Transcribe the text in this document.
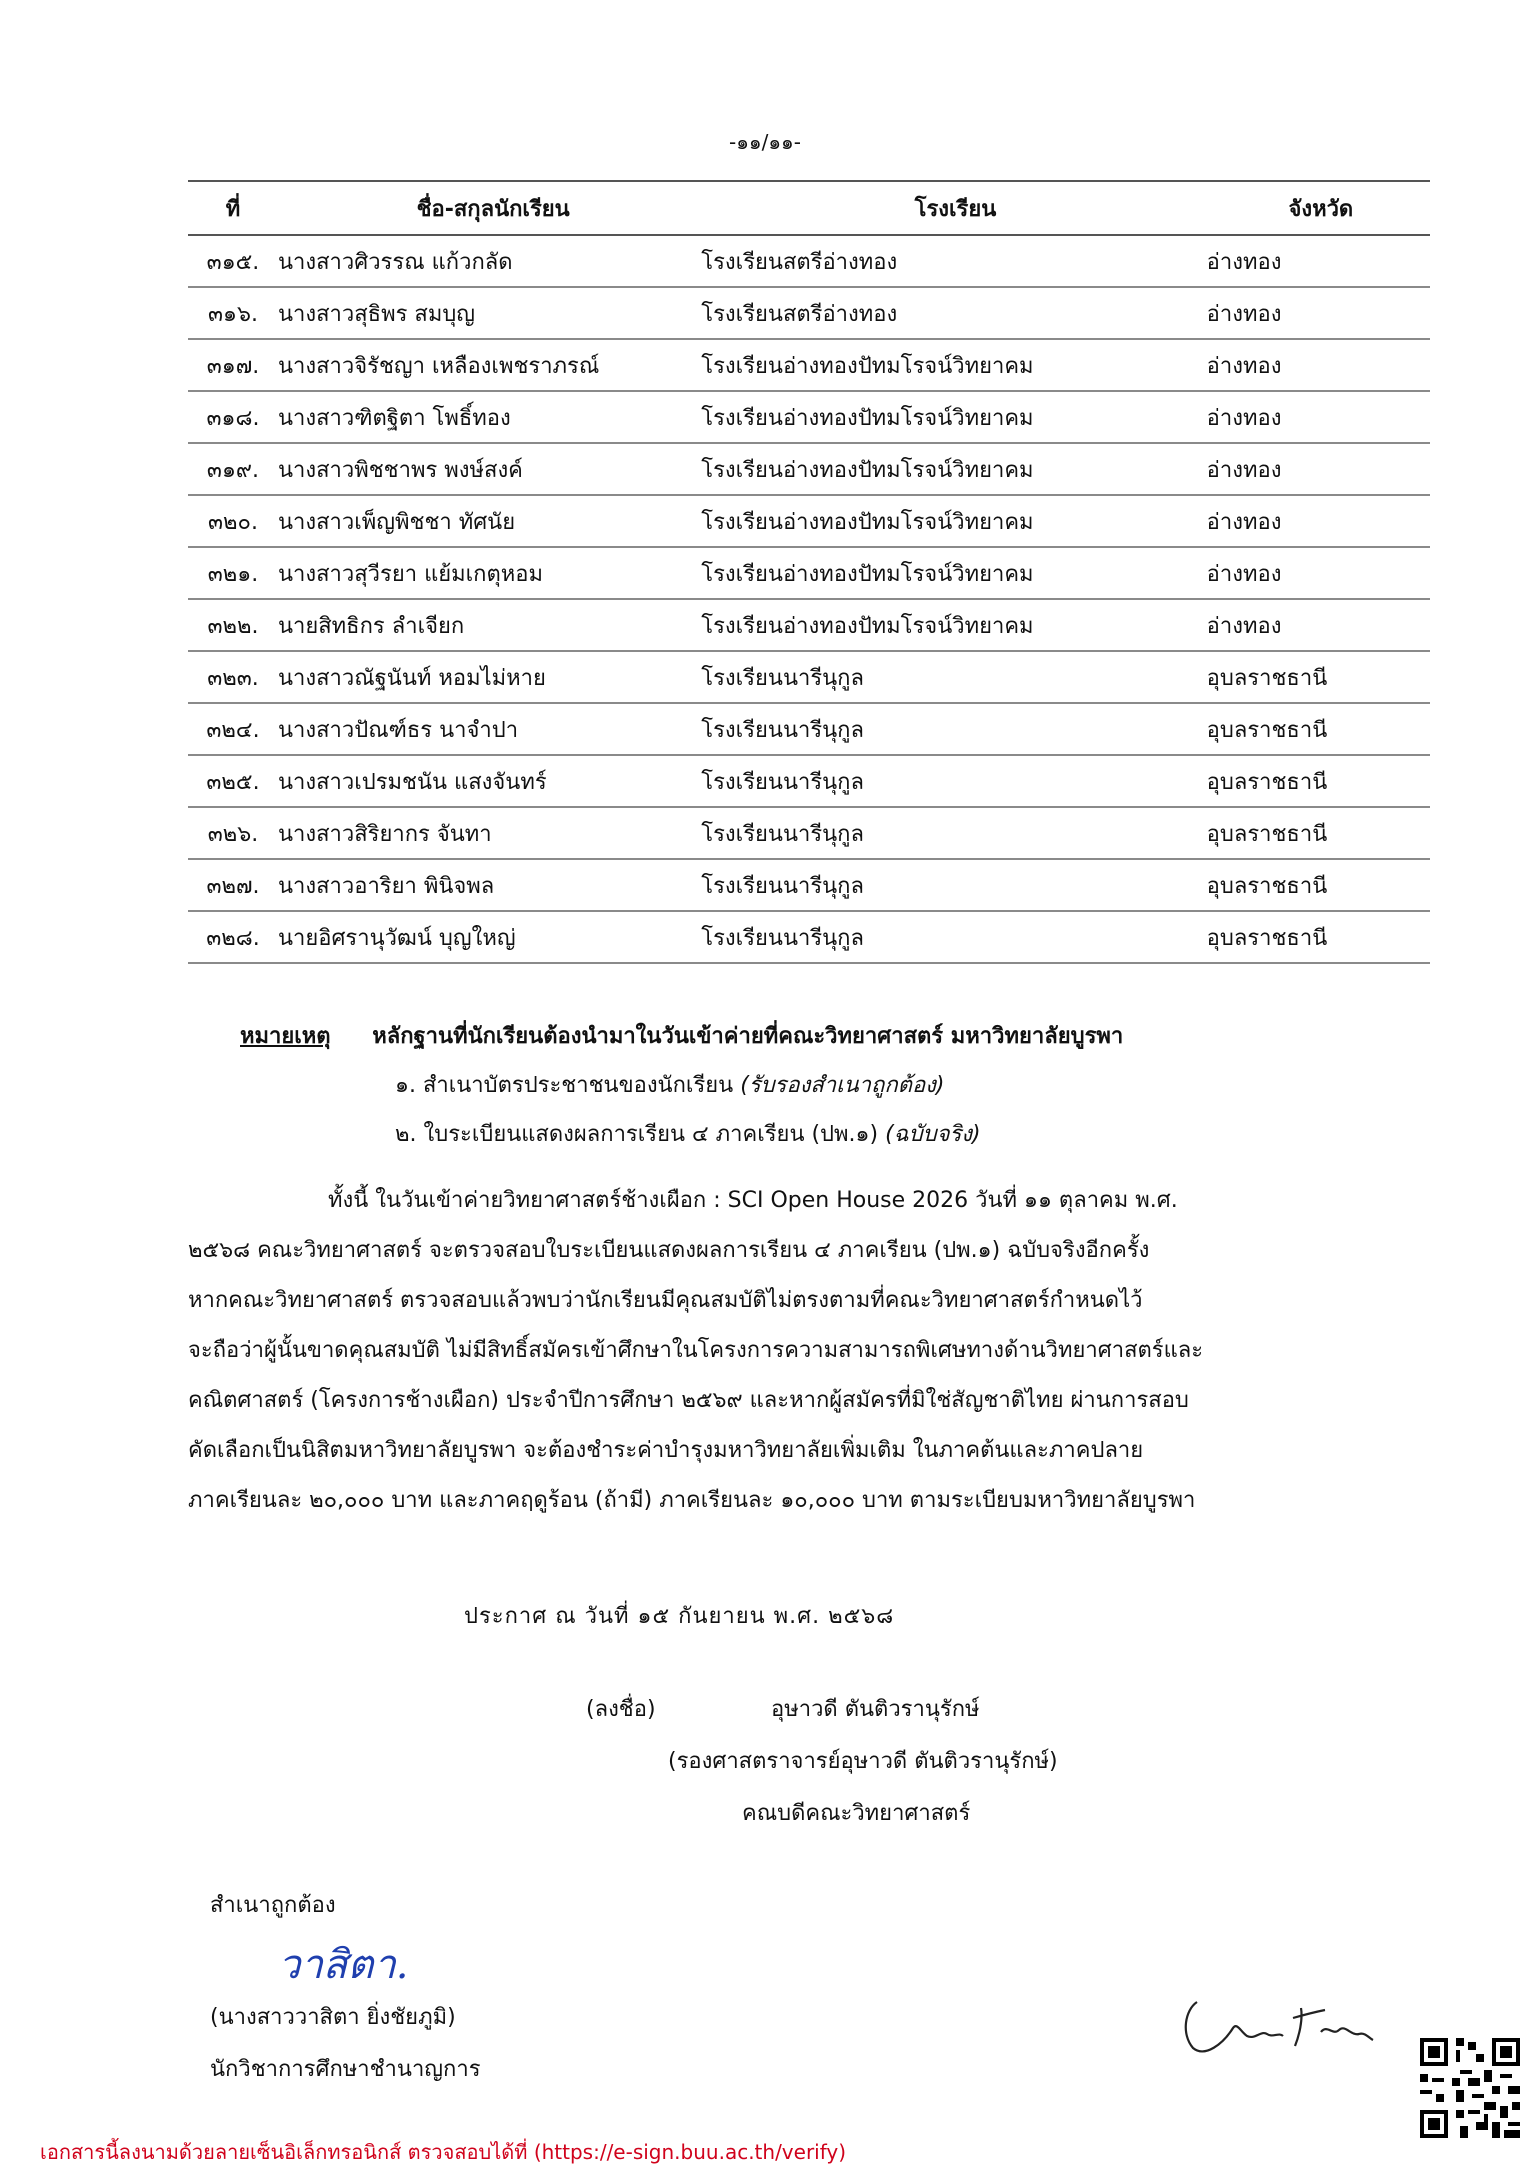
-๑๑/๑๑-
ที่	ชื่อ-สกุลนักเรียน	โรงเรียน	จังหวัด
๓๑๕.	นางสาวศิวรรณ แก้วกลัด	โรงเรียนสตรีอ่างทอง	อ่างทอง
๓๑๖.	นางสาวสุธิพร สมบุญ	โรงเรียนสตรีอ่างทอง	อ่างทอง
๓๑๗.	นางสาวจิรัชญา เหลืองเพชราภรณ์	โรงเรียนอ่างทองปัทมโรจน์วิทยาคม	อ่างทอง
๓๑๘.	นางสาวฑิตฐิตา โพธิ์ทอง	โรงเรียนอ่างทองปัทมโรจน์วิทยาคม	อ่างทอง
๓๑๙.	นางสาวพิชชาพร พงษ์สงค์	โรงเรียนอ่างทองปัทมโรจน์วิทยาคม	อ่างทอง
๓๒๐.	นางสาวเพ็ญพิชชา ทัศนัย	โรงเรียนอ่างทองปัทมโรจน์วิทยาคม	อ่างทอง
๓๒๑.	นางสาวสุวีรยา แย้มเกตุหอม	โรงเรียนอ่างทองปัทมโรจน์วิทยาคม	อ่างทอง
๓๒๒.	นายสิทธิกร ลำเจียก	โรงเรียนอ่างทองปัทมโรจน์วิทยาคม	อ่างทอง
๓๒๓.	นางสาวณัฐนันท์ หอมไม่หาย	โรงเรียนนารีนุกูล	อุบลราชธานี
๓๒๔.	นางสาวปัณฑ์ธร นาจำปา	โรงเรียนนารีนุกูล	อุบลราชธานี
๓๒๕.	นางสาวเปรมชนัน แสงจันทร์	โรงเรียนนารีนุกูล	อุบลราชธานี
๓๒๖.	นางสาวสิริยากร จันทา	โรงเรียนนารีนุกูล	อุบลราชธานี
๓๒๗.	นางสาวอาริยา พินิจพล	โรงเรียนนารีนุกูล	อุบลราชธานี
๓๒๘.	นายอิศรานุวัฒน์ บุญใหญ่	โรงเรียนนารีนุกูล	อุบลราชธานี
หมายเหตุ หลักฐานที่นักเรียนต้องนำมาในวันเข้าค่ายที่คณะวิทยาศาสตร์ มหาวิทยาลัยบูรพา
๑. สำเนาบัตรประชาชนของนักเรียน (รับรองสำเนาถูกต้อง)
๒. ใบระเบียนแสดงผลการเรียน ๔ ภาคเรียน (ปพ.๑) (ฉบับจริง)
ทั้งนี้ ในวันเข้าค่ายวิทยาศาสตร์ช้างเผือก : SCI Open House 2026 วันที่ ๑๑ ตุลาคม พ.ศ.
๒๕๖๘ คณะวิทยาศาสตร์ จะตรวจสอบใบระเบียนแสดงผลการเรียน ๔ ภาคเรียน (ปพ.๑) ฉบับจริงอีกครั้ง
หากคณะวิทยาศาสตร์ ตรวจสอบแล้วพบว่านักเรียนมีคุณสมบัติไม่ตรงตามที่คณะวิทยาศาสตร์กำหนดไว้
จะถือว่าผู้นั้นขาดคุณสมบัติ ไม่มีสิทธิ์สมัครเข้าศึกษาในโครงการความสามารถพิเศษทางด้านวิทยาศาสตร์และ
คณิตศาสตร์ (โครงการช้างเผือก) ประจำปีการศึกษา ๒๕๖๙ และหากผู้สมัครที่มิใช่สัญชาติไทย ผ่านการสอบ
คัดเลือกเป็นนิสิตมหาวิทยาลัยบูรพา จะต้องชำระค่าบำรุงมหาวิทยาลัยเพิ่มเติม ในภาคต้นและภาคปลาย
ภาคเรียนละ ๒๐,๐๐๐ บาท และภาคฤดูร้อน (ถ้ามี) ภาคเรียนละ ๑๐,๐๐๐ บาท ตามระเบียบมหาวิทยาลัยบูรพา
ประกาศ ณ วันที่ ๑๕ กันยายน พ.ศ. ๒๕๖๘
(ลงชื่อ)	อุษาวดี ตันติวรานุรักษ์
(รองศาสตราจารย์อุษาวดี ตันติวรานุรักษ์)
คณบดีคณะวิทยาศาสตร์
สำเนาถูกต้อง
วาสิตา.
(นางสาววาสิตา ยิ่งชัยภูมิ)
นักวิชาการศึกษาชำนาญการ
เอกสารนี้ลงนามด้วยลายเซ็นอิเล็กทรอนิกส์ ตรวจสอบได้ที่ (https://e-sign.buu.ac.th/verify)
